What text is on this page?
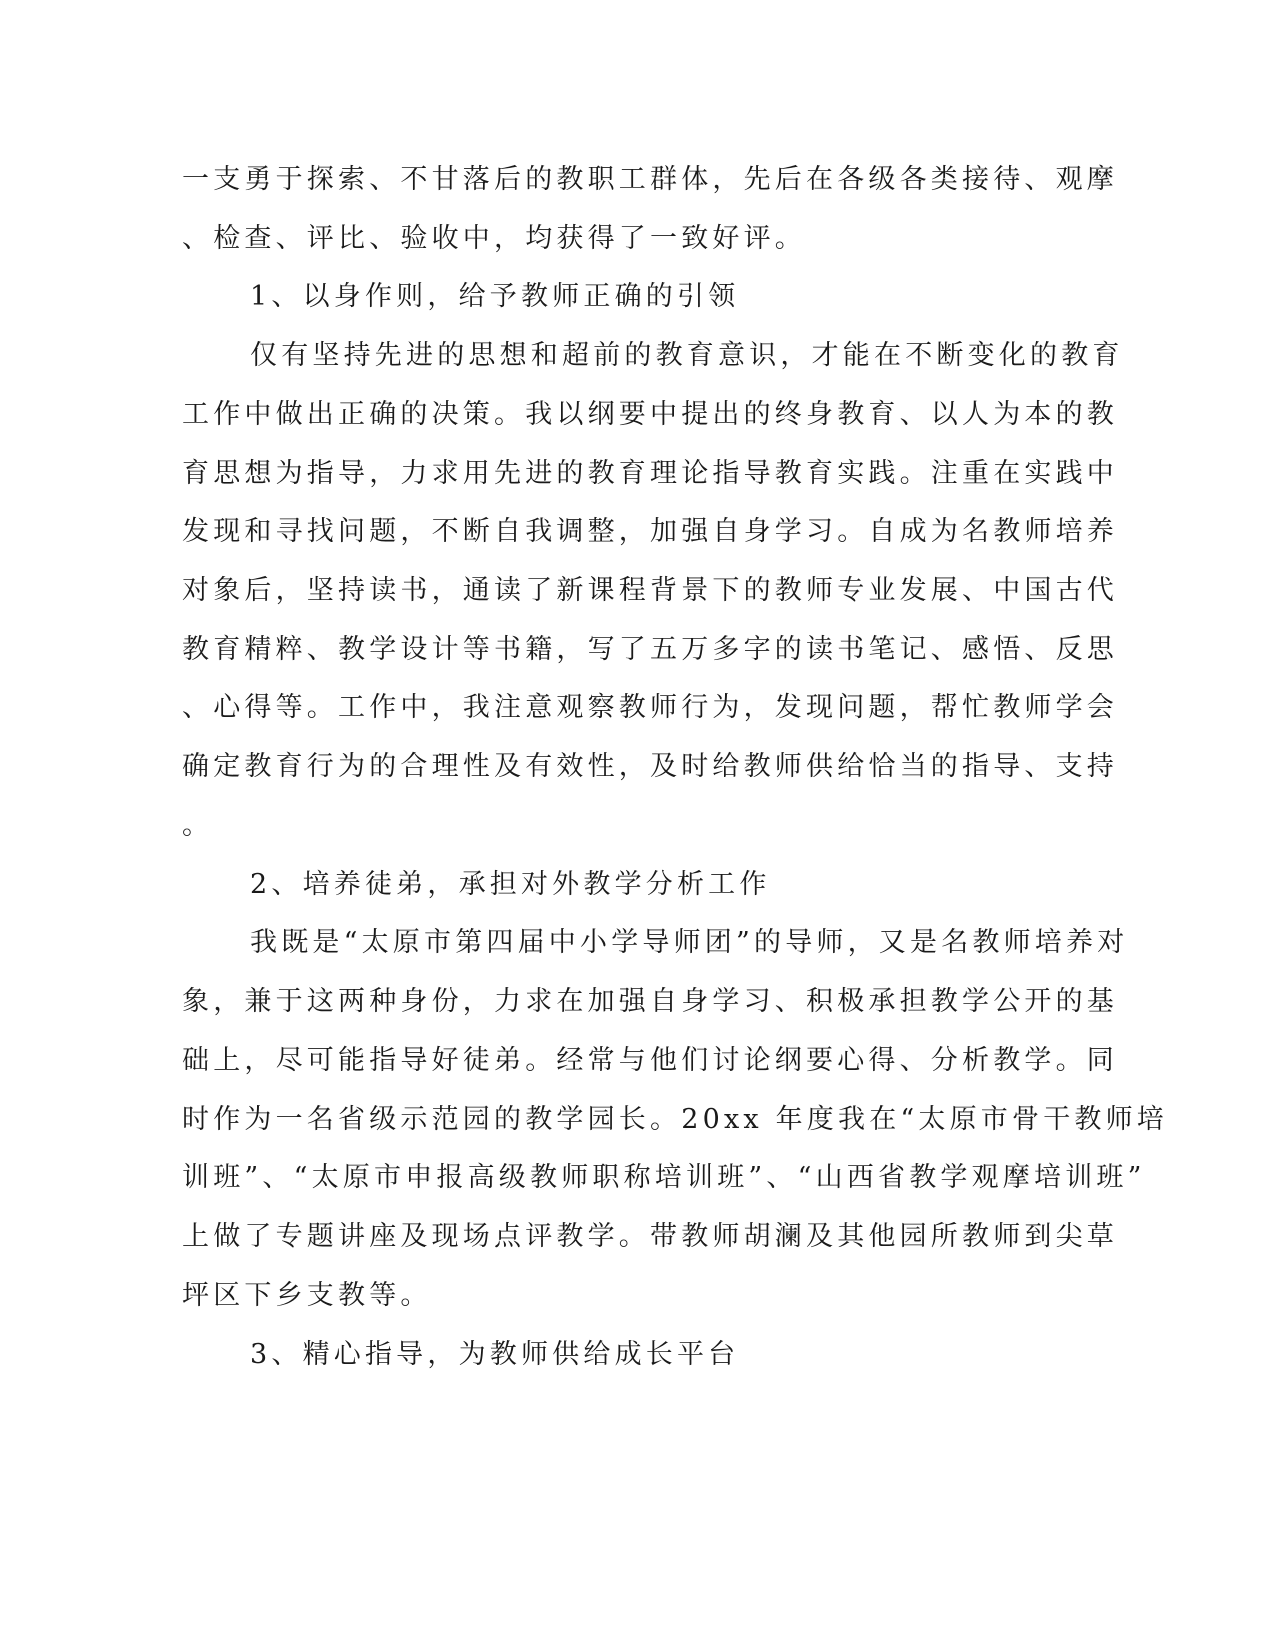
一支勇于探索、不甘落后的教职工群体，先后在各级各类接待、观摩
、检查、评比、验收中，均获得了一致好评。
1、以身作则，给予教师正确的引领
仅有坚持先进的思想和超前的教育意识，才能在不断变化的教育
工作中做出正确的决策。我以纲要中提出的终身教育、以人为本的教
育思想为指导，力求用先进的教育理论指导教育实践。注重在实践中
发现和寻找问题，不断自我调整，加强自身学习。自成为名教师培养
对象后，坚持读书，通读了新课程背景下的教师专业发展、中国古代
教育精粹、教学设计等书籍，写了五万多字的读书笔记、感悟、反思
、心得等。工作中，我注意观察教师行为，发现问题，帮忙教师学会
确定教育行为的合理性及有效性，及时给教师供给恰当的指导、支持
。
2、培养徒弟，承担对外教学分析工作
我既是“太原市第四届中小学导师团”的导师，又是名教师培养对
象，兼于这两种身份，力求在加强自身学习、积极承担教学公开的基
础上，尽可能指导好徒弟。经常与他们讨论纲要心得、分析教学。同
时作为一名省级示范园的教学园长。20xx 年度我在“太原市骨干教师培
训班”、“太原市申报高级教师职称培训班”、“山西省教学观摩培训班”
上做了专题讲座及现场点评教学。带教师胡澜及其他园所教师到尖草
坪区下乡支教等。
3、精心指导，为教师供给成长平台
